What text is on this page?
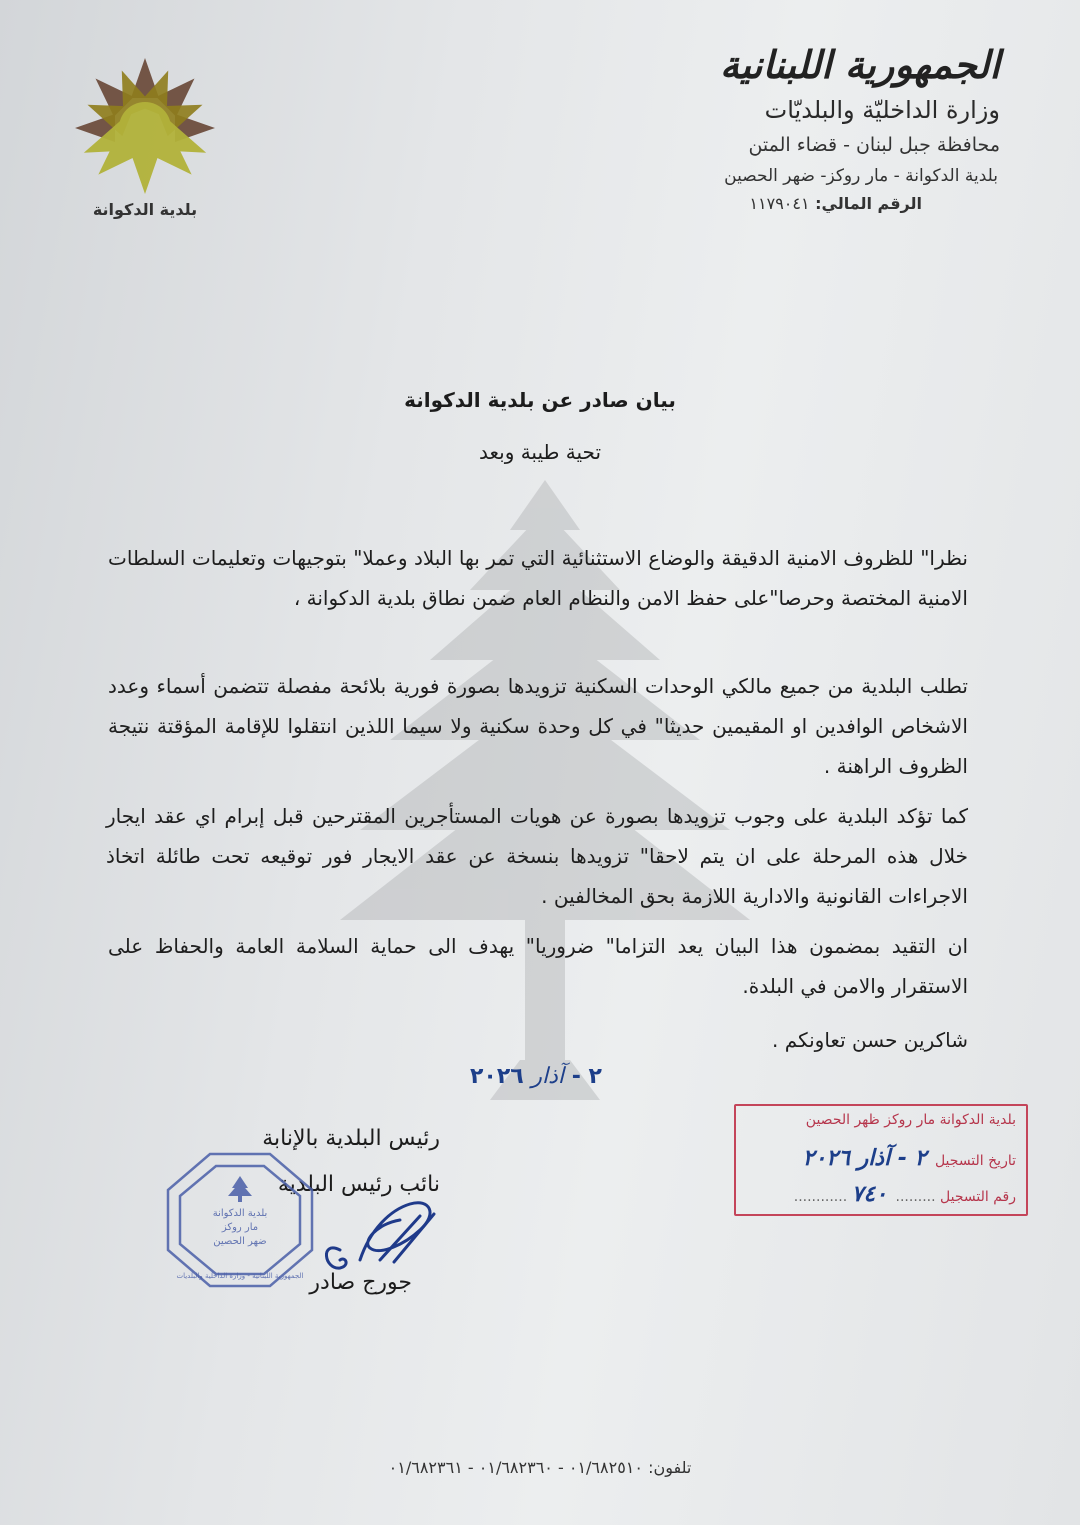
الجمهورية اللبنانية
وزارة الداخليّة والبلديّات
محافظة جبل لبنان - قضاء المتن
بلدية الدكوانة - مار روكز- ضهر الحصين
الرقم المالي: ١١٧٩٠٤١
بلدية الدكوانة
بيان صادر عن بلدية الدكوانة
تحية طيبة وبعد
نظرا" للظروف الامنية الدقيقة والوضاع الاستثنائية التي تمر بها البلاد وعملا" بتوجيهات وتعليمات السلطات الامنية المختصة وحرصا"على حفظ الامن والنظام العام ضمن نطاق بلدية الدكوانة ،
تطلب البلدية من جميع مالكي الوحدات السكنية تزويدها بصورة فورية بلائحة مفصلة تتضمن أسماء وعدد الاشخاص الوافدين او المقيمين حديثا" في كل وحدة سكنية ولا سيما اللذين انتقلوا للإقامة المؤقتة نتيجة الظروف الراهنة .
كما تؤكد البلدية على وجوب تزويدها بصورة عن هويات المستأجرين المقترحين قبل إبرام اي عقد ايجار خلال هذه المرحلة على ان يتم لاحقا" تزويدها بنسخة عن عقد الايجار فور توقيعه تحت طائلة اتخاذ الاجراءات القانونية والادارية اللازمة بحق المخالفين .
ان التقيد بمضمون هذا البيان يعد التزاما" ضروريا" يهدف الى حماية السلامة العامة والحفاظ على الاستقرار والامن في البلدة.
شاكرين حسن تعاونكم .
٢ - آذار ٢٠٢٦
رئيس البلدية بالإنابة
نائب رئيس البلدية
جورج صادر
بلدية الدكوانة
مار روكز
ضهر الحصين
الجمهورية اللبنانية - وزارة الداخلية والبلديات
بلدية الدكوانة مار روكز ظهر الحصين
تاريخ التسجيل ٢ - آذار ٢٠٢٦
رقم التسجيل ......... ٧٤٠ ............
تلفون: ٠١/٦٨٢٥١٠ - ٠١/٦٨٢٣٦٠ - ٠١/٦٨٢٣٦١
